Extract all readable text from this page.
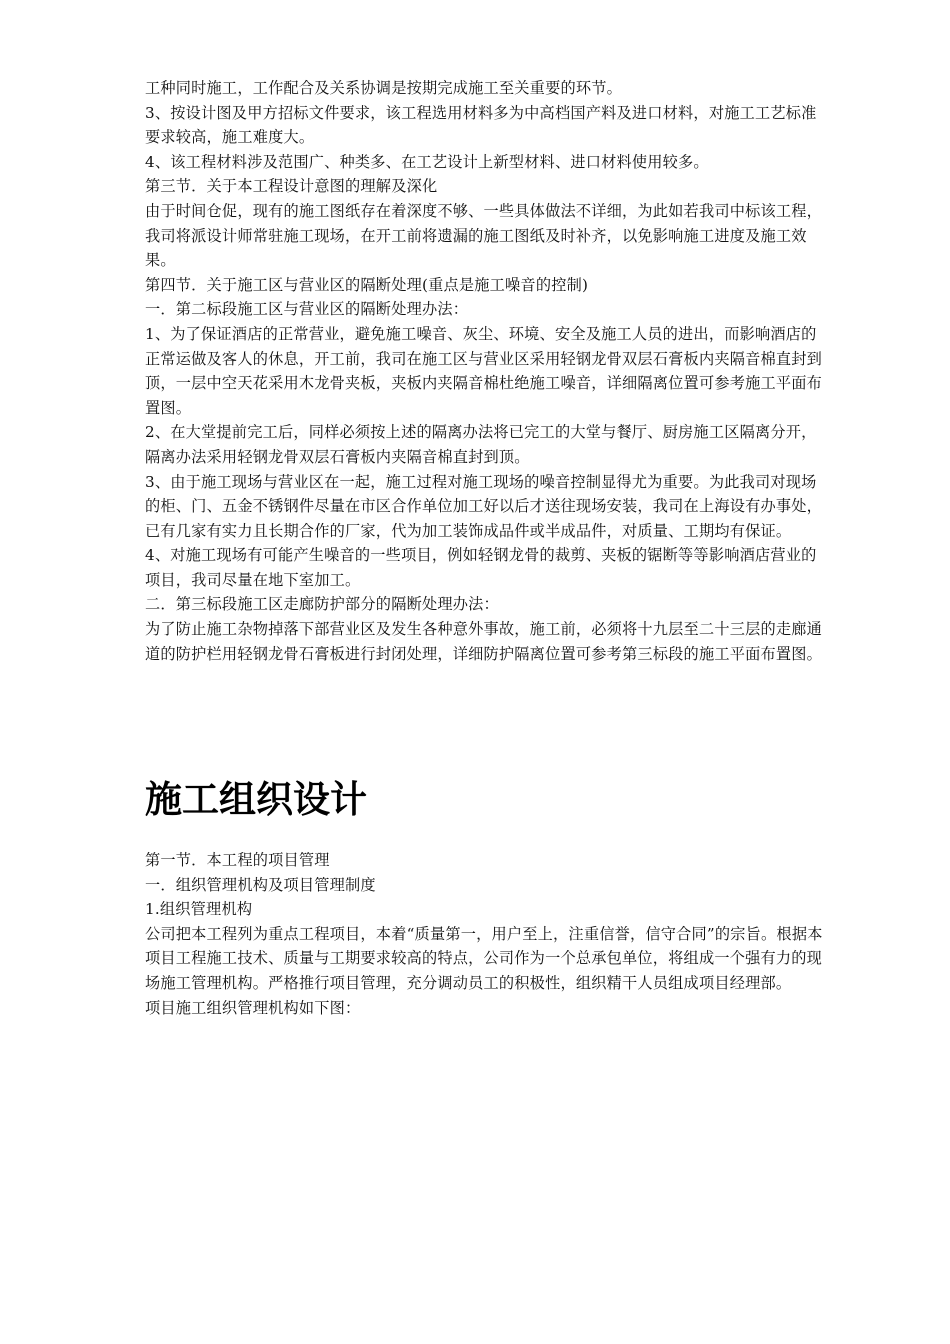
工种同时施工，工作配合及关系协调是按期完成施工至关重要的环节。

3、按设计图及甲方招标文件要求，该工程选用材料多为中高档国产料及进口材料，对施工工艺标准要求较高，施工难度大。

4、该工程材料涉及范围广、种类多、在工艺设计上新型材料、进口材料使用较多。

第三节．关于本工程设计意图的理解及深化

由于时间仓促，现有的施工图纸存在着深度不够、一些具体做法不详细，为此如若我司中标该工程，我司将派设计师常驻施工现场，在开工前将遗漏的施工图纸及时补齐，以免影响施工进度及施工效果。

第四节．关于施工区与营业区的隔断处理(重点是施工噪音的控制)

一．第二标段施工区与营业区的隔断处理办法：

1、为了保证酒店的正常营业，避免施工噪音、灰尘、环境、安全及施工人员的进出，而影响酒店的正常运做及客人的休息，开工前，我司在施工区与营业区采用轻钢龙骨双层石膏板内夹隔音棉直封到顶，一层中空天花采用木龙骨夹板，夹板内夹隔音棉杜绝施工噪音，详细隔离位置可参考施工平面布置图。

2、在大堂提前完工后，同样必须按上述的隔离办法将已完工的大堂与餐厅、厨房施工区隔离分开，隔离办法采用轻钢龙骨双层石膏板内夹隔音棉直封到顶。

3、由于施工现场与营业区在一起，施工过程对施工现场的噪音控制显得尤为重要。为此我司对现场的柜、门、五金不锈钢件尽量在市区合作单位加工好以后才送往现场安装，我司在上海设有办事处，已有几家有实力且长期合作的厂家，代为加工装饰成品件或半成品件，对质量、工期均有保证。

4、对施工现场有可能产生噪音的一些项目，例如轻钢龙骨的裁剪、夹板的锯断等等影响酒店营业的项目，我司尽量在地下室加工。

二．第三标段施工区走廊防护部分的隔断处理办法：

为了防止施工杂物掉落下部营业区及发生各种意外事故，施工前，必须将十九层至二十三层的走廊通道的防护栏用轻钢龙骨石膏板进行封闭处理，详细防护隔离位置可参考第三标段的施工平面布置图。

施工组织设计

第一节．本工程的项目管理

一．组织管理机构及项目管理制度

1.组织管理机构

公司把本工程列为重点工程项目，本着“质量第一，用户至上，注重信誉，信守合同”的宗旨。根据本项目工程施工技术、质量与工期要求较高的特点，公司作为一个总承包单位，将组成一个强有力的现场施工管理机构。严格推行项目管理，充分调动员工的积极性，组织精干人员组成项目经理部。

项目施工组织管理机构如下图：
